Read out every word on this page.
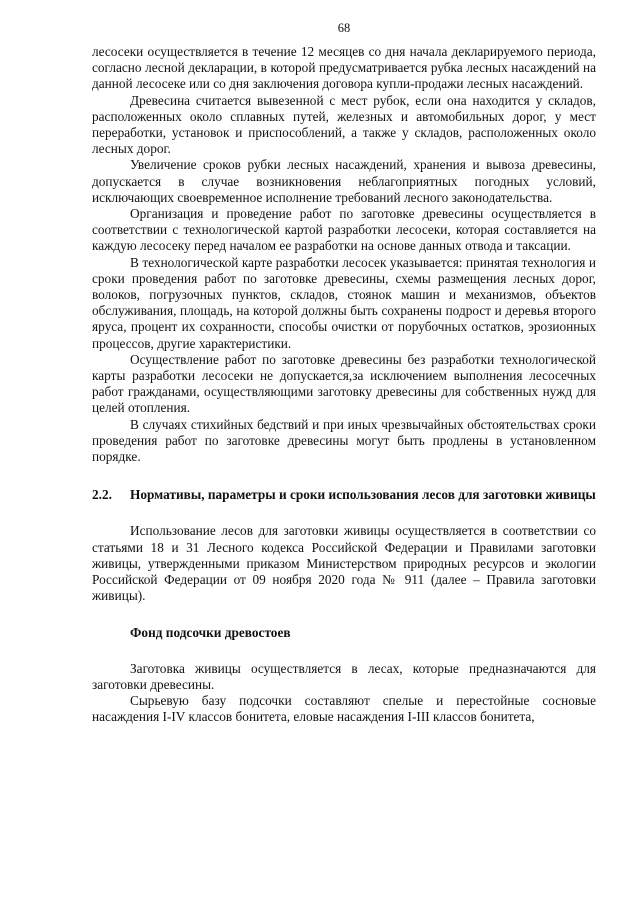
68

лесосеки осуществляется в течение 12 месяцев со дня начала декларируемого периода, согласно лесной декларации, в которой предусматривается рубка лесных насаждений на данной лесосеке или со дня заключения договора купли-продажи лесных насаждений.

Древесина считается вывезенной с мест рубок, если она находится у складов, расположенных около сплавных путей, железных и автомобильных дорог, у мест переработки, установок и приспособлений, а также у складов, расположенных около лесных дорог.

Увеличение сроков рубки лесных насаждений, хранения и вывоза древесины, допускается в случае возникновения неблагоприятных погодных условий, исключающих своевременное исполнение требований лесного законодательства.

Организация и проведение работ по заготовке древесины осуществляется в соответствии с технологической картой разработки лесосеки, которая составляется на каждую лесосеку перед началом ее разработки на основе данных отвода и таксации.

В технологической карте разработки лесосек указывается: принятая технология и сроки проведения работ по заготовке древесины, схемы размещения лесных дорог, волоков, погрузочных пунктов, складов, стоянок машин и механизмов, объектов обслуживания, площадь, на которой должны быть сохранены подрост и деревья второго яруса, процент их сохранности, способы очистки от порубочных остатков, эрозионных процессов, другие характеристики.

Осуществление работ по заготовке древесины без разработки технологической карты разработки лесосеки не допускается,за исключением выполнения лесосечных работ гражданами, осуществляющими заготовку древесины для собственных нужд для целей отопления.

В случаях стихийных бедствий и при иных чрезвычайных обстоятельствах сроки проведения работ по заготовке древесины могут быть продлены в установленном порядке.

2.2. Нормативы, параметры и сроки использования лесов для заготовки живицы

Использование лесов для заготовки живицы осуществляется в соответствии со статьями 18 и 31 Лесного кодекса Российской Федерации и Правилами заготовки живицы, утвержденными приказом Министерством природных ресурсов и экологии Российской Федерации от 09 ноября 2020 года № 911 (далее – Правила заготовки живицы).

Фонд подсочки древостоев

Заготовка живицы осуществляется в лесах, которые предназначаются для заготовки древесины.

Сырьевую базу подсочки составляют спелые и перестойные сосновые насаждения I-IV классов бонитета, еловые насаждения I-III классов бонитета,
